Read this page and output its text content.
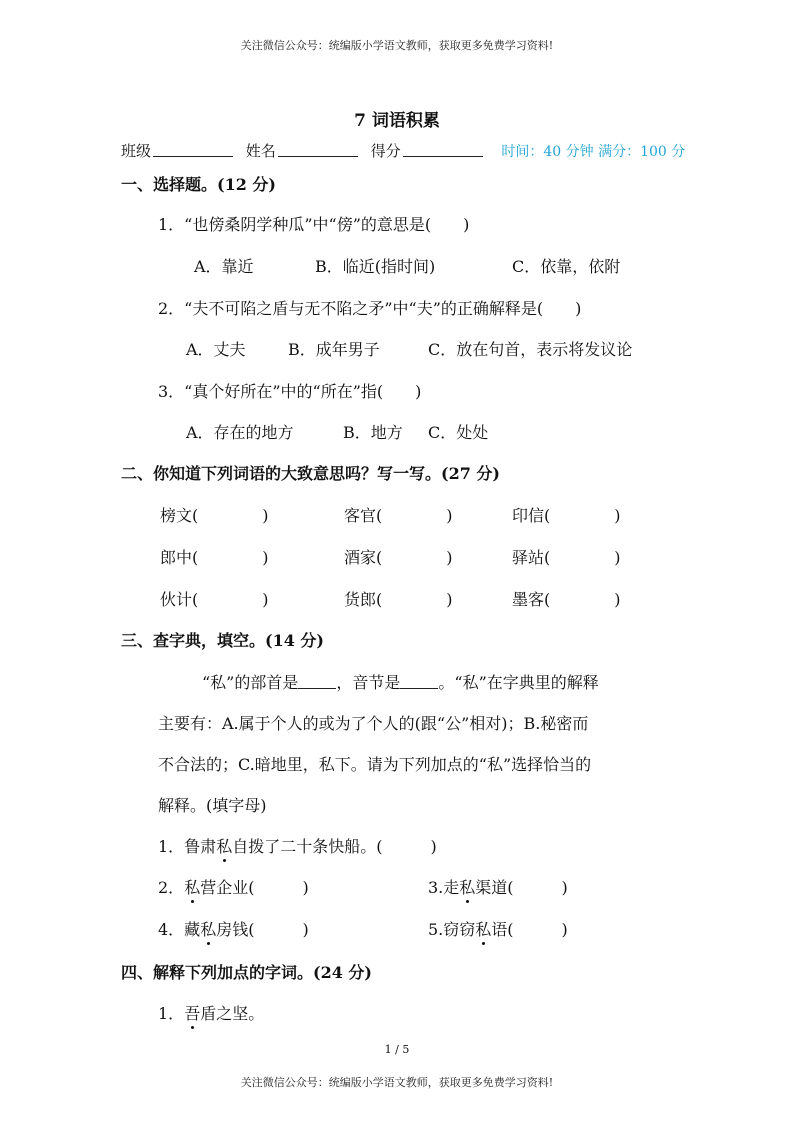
关注微信公众号：统编版小学语文教师，获取更多免费学习资料!
7 词语积累
班级	姓名	得分	时间：40 分钟 满分：100 分
一、选择题。(12 分)
1．“也傍桑阴学种瓜”中“傍”的意思是(　　)
A．靠近	B．临近(指时间)	C．依靠，依附
2．“夫不可陷之盾与无不陷之矛”中“夫”的正确解释是(　　)
A．丈夫	B．成年男子	C．放在句首，表示将发议论
3．“真个好所在”中的“所在”指(　　)
A．存在的地方	B．地方 C．处处
二、你知道下列词语的大致意思吗？写一写。(27 分)
榜文(　　　　)	客官(　　　　)	印信(　　　　)
郎中(　　　　)	酒家(　　　　)	驿站(　　　　)
伙计(　　　　)	货郎(　　　　)	墨客(　　　　)
三、查字典，填空。(14 分)
“私”的部首是 ，音节是 。“私”在字典里的解释
主要有：A.属于个人的或为了个人的(跟“公”相对)；B.秘密而
不合法的；C.暗地里，私下。请为下列加点的“私”选择恰当的
解释。(填字母)
1．鲁肃私自拨了二十条快船。(　　　)
2．私营企业(　　　)	3.走私渠道(　　　)
4．藏私房钱(　　　)	5.窃窃私语(　　　)
四、解释下列加点的字词。(24 分)
1．吾盾之坚。
1 / 5
关注微信公众号：统编版小学语文教师，获取更多免费学习资料!
